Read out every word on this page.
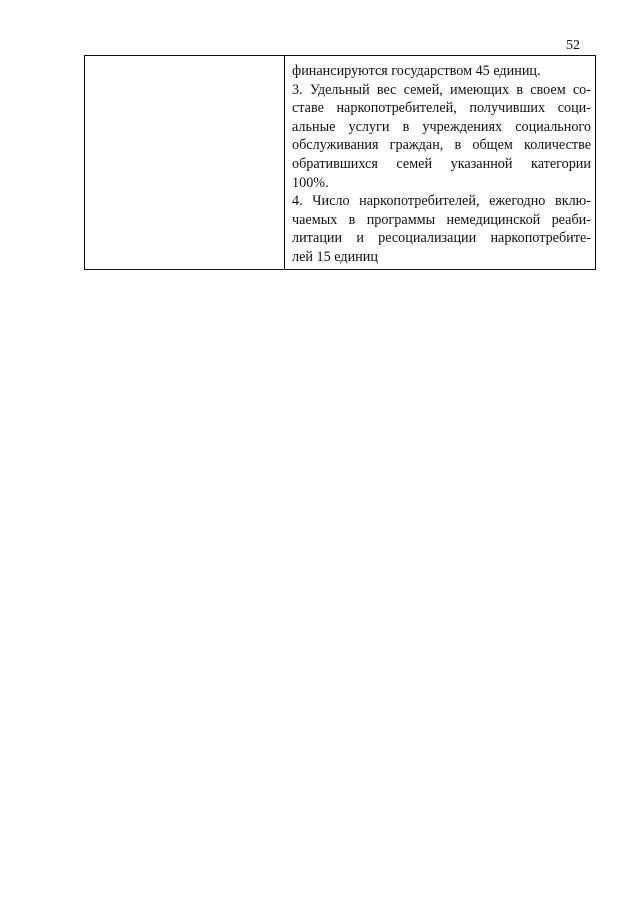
52
финансируются государством 45 единиц.
3. Удельный вес семей, имеющих в своем со-
ставе наркопотребителей, получивших соци-
альные услуги в учреждениях социального
обслуживания граждан, в общем количестве
обратившихся семей указанной категории
100%.
4. Число наркопотребителей, ежегодно вклю-
чаемых в программы немедицинской реаби-
литации и ресоциализации наркопотребите-
лей 15 единиц
